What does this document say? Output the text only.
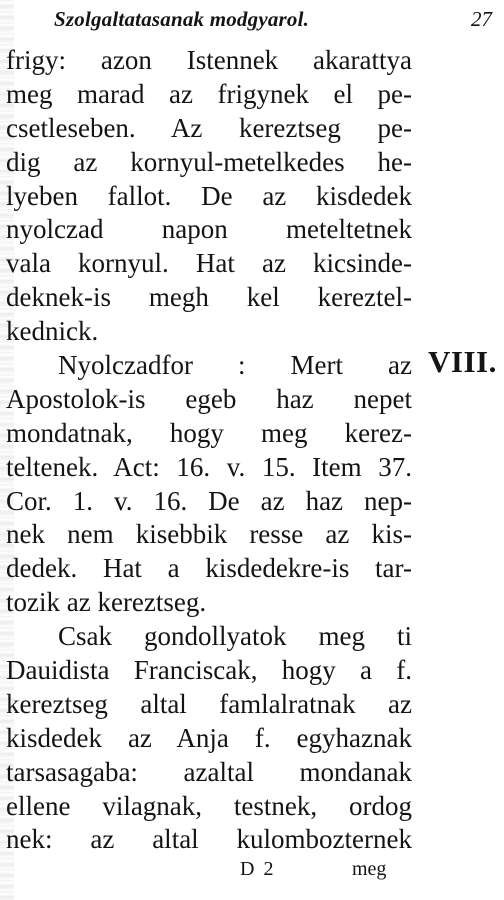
Szolgaltatasanak modgyarol.	27
frigy: azon Istennek akarattya
meg marad az frigynek el pe-
csetleseben. Az kereztseg pe-
dig az kornyul-metelkedes he-
lyeben fallot. De az kisdedek
nyolczad napon meteltetnek
vala kornyul. Hat az kicsinde-
deknek-is megh kel kereztel-
kednick.
Nyolczadfor : Mert az
Apostolok-is egeb haz nepet
mondatnak, hogy meg kerez-
teltenek. Act: 16. v. 15. Item 37.
Cor. 1. v. 16. De az haz nep-
nek nem kisebbik resse az kis-
dedek. Hat a kisdedekre-is tar-
tozik az kereztseg.
Csak gondollyatok meg ti
Dauidista Franciscak, hogy a f.
kereztseg altal famlalratnak az
kisdedek az Anja f. egyhaznak
tarsasagaba: azaltal mondanak
ellene vilagnak, testnek, ordog
nek: az altal kulombozternek
VIII.
D 2	meg
